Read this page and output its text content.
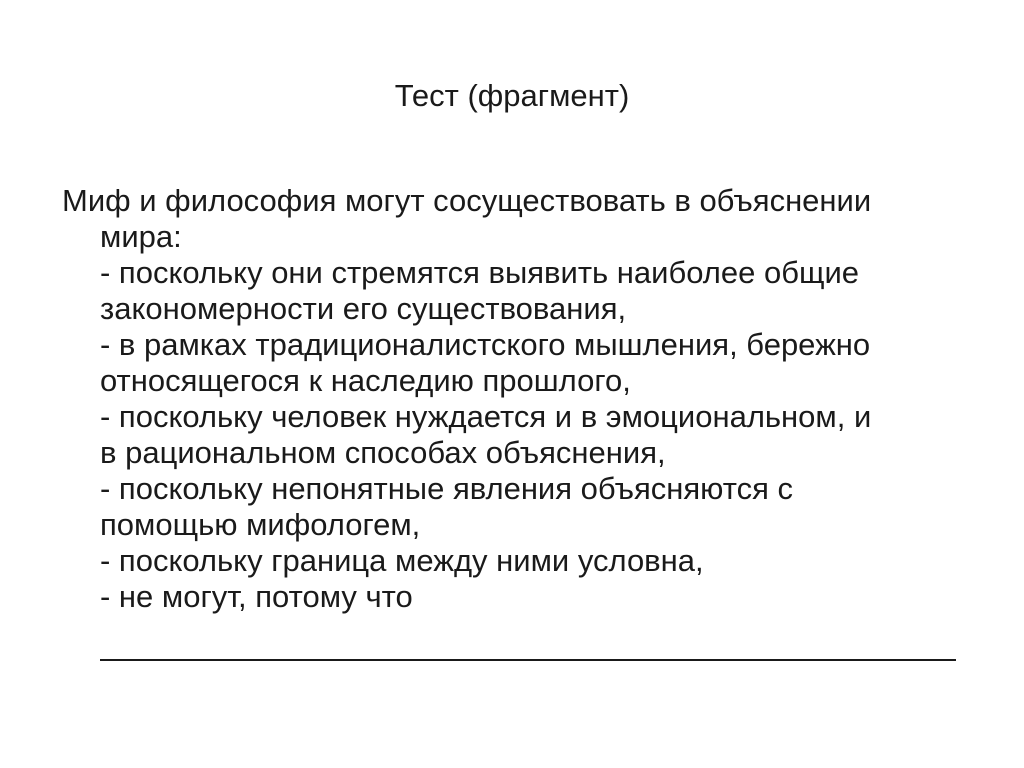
Тест (фрагмент)
Миф и философия могут сосуществовать в объяснении
мира:
- поскольку они стремятся выявить наиболее общие
закономерности его существования,
- в рамках традиционалистского мышления, бережно
относящегося к наследию прошлого,
- поскольку человек нуждается и в эмоциональном, и
в рациональном способах объяснения,
- поскольку непонятные явления объясняются с
помощью мифологем,
- поскольку граница между ними условна,
- не могут, потому что
